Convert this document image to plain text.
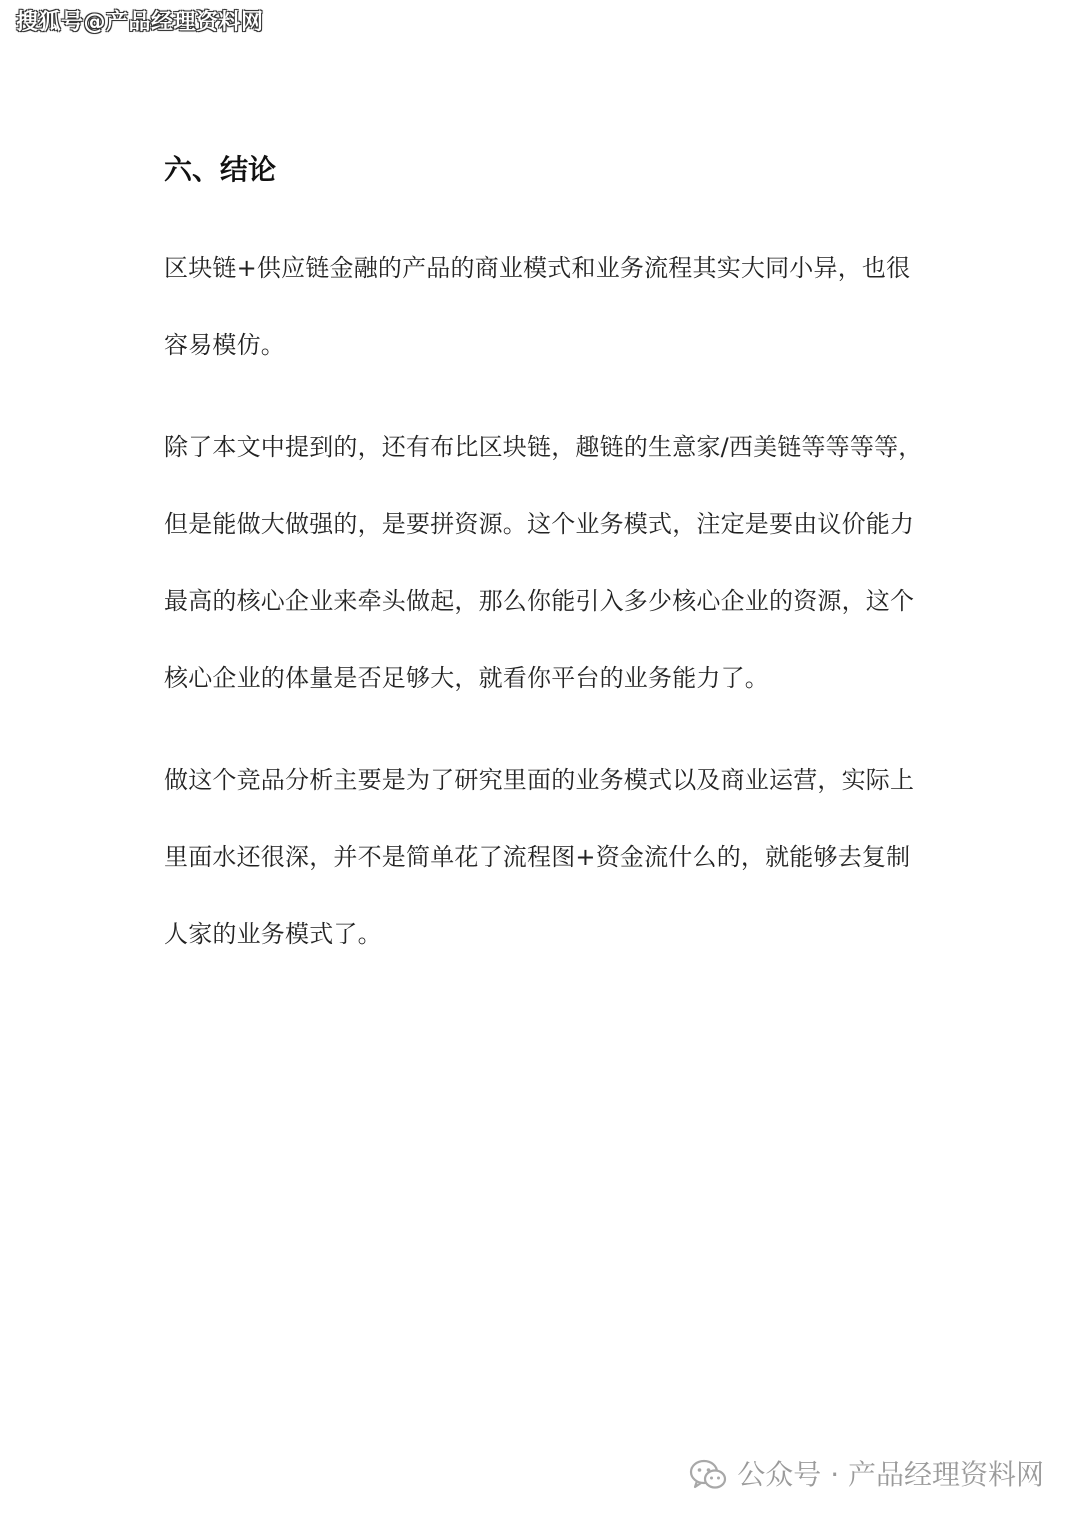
搜狐号@产品经理资料网
六、结论

区块链+供应链金融的产品的商业模式和业务流程其实大同小异，也很容易模仿。

除了本文中提到的，还有布比区块链，趣链的生意家/西美链等等等等，但是能做大做强的，是要拼资源。这个业务模式，注定是要由议价能力最高的核心企业来牵头做起，那么你能引入多少核心企业的资源，这个核心企业的体量是否足够大，就看你平台的业务能力了。

做这个竞品分析主要是为了研究里面的业务模式以及商业运营，实际上里面水还很深，并不是简单花了流程图+资金流什么的，就能够去复制人家的业务模式了。

公众号 · 产品经理资料网
